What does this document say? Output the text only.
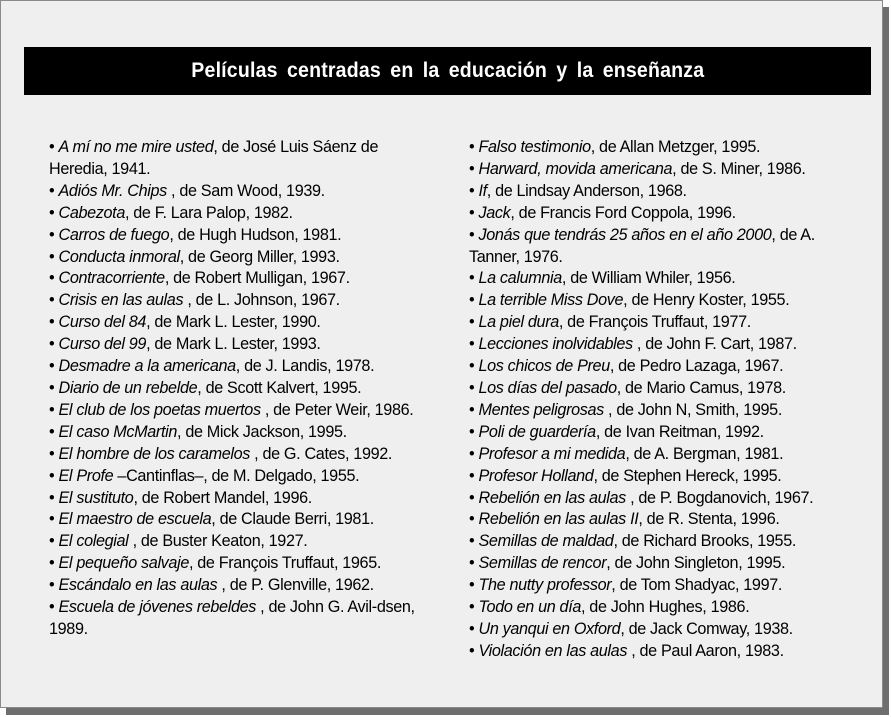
Películas centradas en la educación y la enseñanza
• A mí no me mire usted, de José Luis Sáenz de Heredia, 1941.
• Adiós Mr. Chips , de Sam Wood, 1939.
• Cabezota, de F. Lara Palop, 1982.
• Carros de fuego, de Hugh Hudson, 1981.
• Conducta inmoral, de Georg Miller, 1993.
• Contracorriente, de Robert Mulligan, 1967.
• Crisis en las aulas , de L. Johnson, 1967.
• Curso del 84, de Mark L. Lester, 1990.
• Curso del 99, de Mark L. Lester, 1993.
• Desmadre a la americana, de J. Landis, 1978.
• Diario de un rebelde, de Scott Kalvert, 1995.
• El club de los poetas muertos , de Peter Weir, 1986.
• El caso McMartin, de Mick Jackson, 1995.
• El hombre de los caramelos , de G. Cates, 1992.
• El Profe –Cantinflas–, de M. Delgado, 1955.
• El sustituto, de Robert Mandel, 1996.
• El maestro de escuela, de Claude Berri, 1981.
• El colegial , de Buster Keaton, 1927.
• El pequeño salvaje, de François Truffaut, 1965.
• Escándalo en las aulas , de P. Glenville, 1962.
• Escuela de jóvenes rebeldes , de John G. Avil-dsen, 1989.
• Falso testimonio, de Allan Metzger, 1995.
• Harward, movida americana, de S. Miner, 1986.
• If, de Lindsay Anderson, 1968.
• Jack, de Francis Ford Coppola, 1996.
• Jonás que tendrás 25 años en el año 2000, de A. Tanner, 1976.
• La calumnia, de William Whiler, 1956.
• La terrible Miss Dove, de Henry Koster, 1955.
• La piel dura, de François Truffaut, 1977.
• Lecciones inolvidables , de John F. Cart, 1987.
• Los chicos de Preu, de Pedro Lazaga, 1967.
• Los días del pasado, de Mario Camus, 1978.
• Mentes peligrosas , de John N, Smith, 1995.
• Poli de guardería, de Ivan Reitman, 1992.
• Profesor a mi medida, de A. Bergman, 1981.
• Profesor Holland, de Stephen Hereck, 1995.
• Rebelión en las aulas , de P. Bogdanovich, 1967.
• Rebelión en las aulas II, de R. Stenta, 1996.
• Semillas de maldad, de Richard Brooks, 1955.
• Semillas de rencor, de John Singleton, 1995.
• The nutty professor, de Tom Shadyac, 1997.
• Todo en un día, de John Hughes, 1986.
• Un yanqui en Oxford, de Jack Comway, 1938.
• Violación en las aulas , de Paul Aaron, 1983.
